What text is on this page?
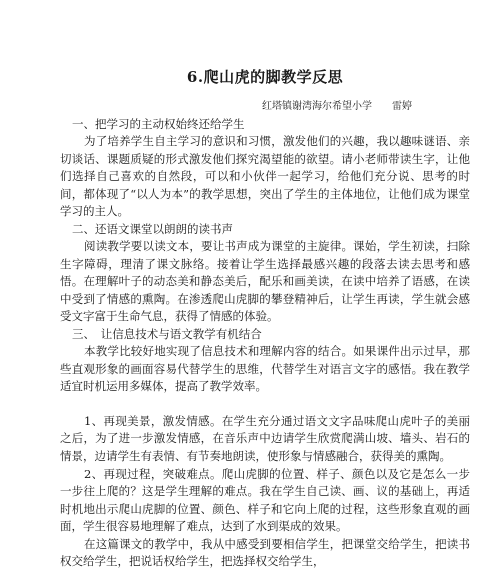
6.爬山虎的脚教学反思
红塔镇谢湾海尔希望小学　　雷婷
一、把学习的主动权始终还给学生

为了培养学生自主学习的意识和习惯，激发他们的兴趣，我以趣味谜语、亲切谈话、课题质疑的形式激发他们探究渴望能的欲望。请小老师带读生字，让他们选择自己喜欢的自然段，可以和小伙伴一起学习，给他们充分说、思考的时间，都体现了“以人为本”的教学思想，突出了学生的主体地位，让他们成为课堂学习的主人。

二、还语文课堂以朗朗的读书声

阅读教学要以读文本，要让书声成为课堂的主旋律。课始，学生初读，扫除生字障碍，理清了课文脉络。接着让学生选择最感兴趣的段落去读去思考和感悟。在理解叶子的动态美和静态美后，配乐和画美读，在读中培养了语感，在读中受到了情感的熏陶。在渗透爬山虎脚的攀登精神后，让学生再读，学生就会感受文字富于生命气息，获得了情感的体验。

三、　让信息技术与语文教学有机结合

本教学比较好地实现了信息技术和理解内容的结合。如果课件出示过早，那些直观形象的画面容易代替学生的思维，代替学生对语言文字的感悟。我在教学适宜时机运用多媒体，提高了教学效率。

1、再现美景，激发情感。在学生充分通过语文文字品味爬山虎叶子的美丽之后，为了进一步激发情感，在音乐声中边请学生欣赏爬满山坡、墙头、岩石的情景，边请学生有表情、有节奏地朗读，使形象与情感融合，获得美的熏陶。

2、再现过程，突破难点。爬山虎脚的位置、样子、颜色以及它是怎么一步一步往上爬的？这是学生理解的难点。我在学生自己读、画、议的基础上，再适时机地出示爬山虎脚的位置、颜色、样子和它向上爬的过程，这些形象直观的画面，学生很容易地理解了难点，达到了水到渠成的效果。

在这篇课文的教学中，我从中感受到要相信学生，把课堂交给学生，把读书权交给学生，把说话权给学生，把选择权交给学生，
